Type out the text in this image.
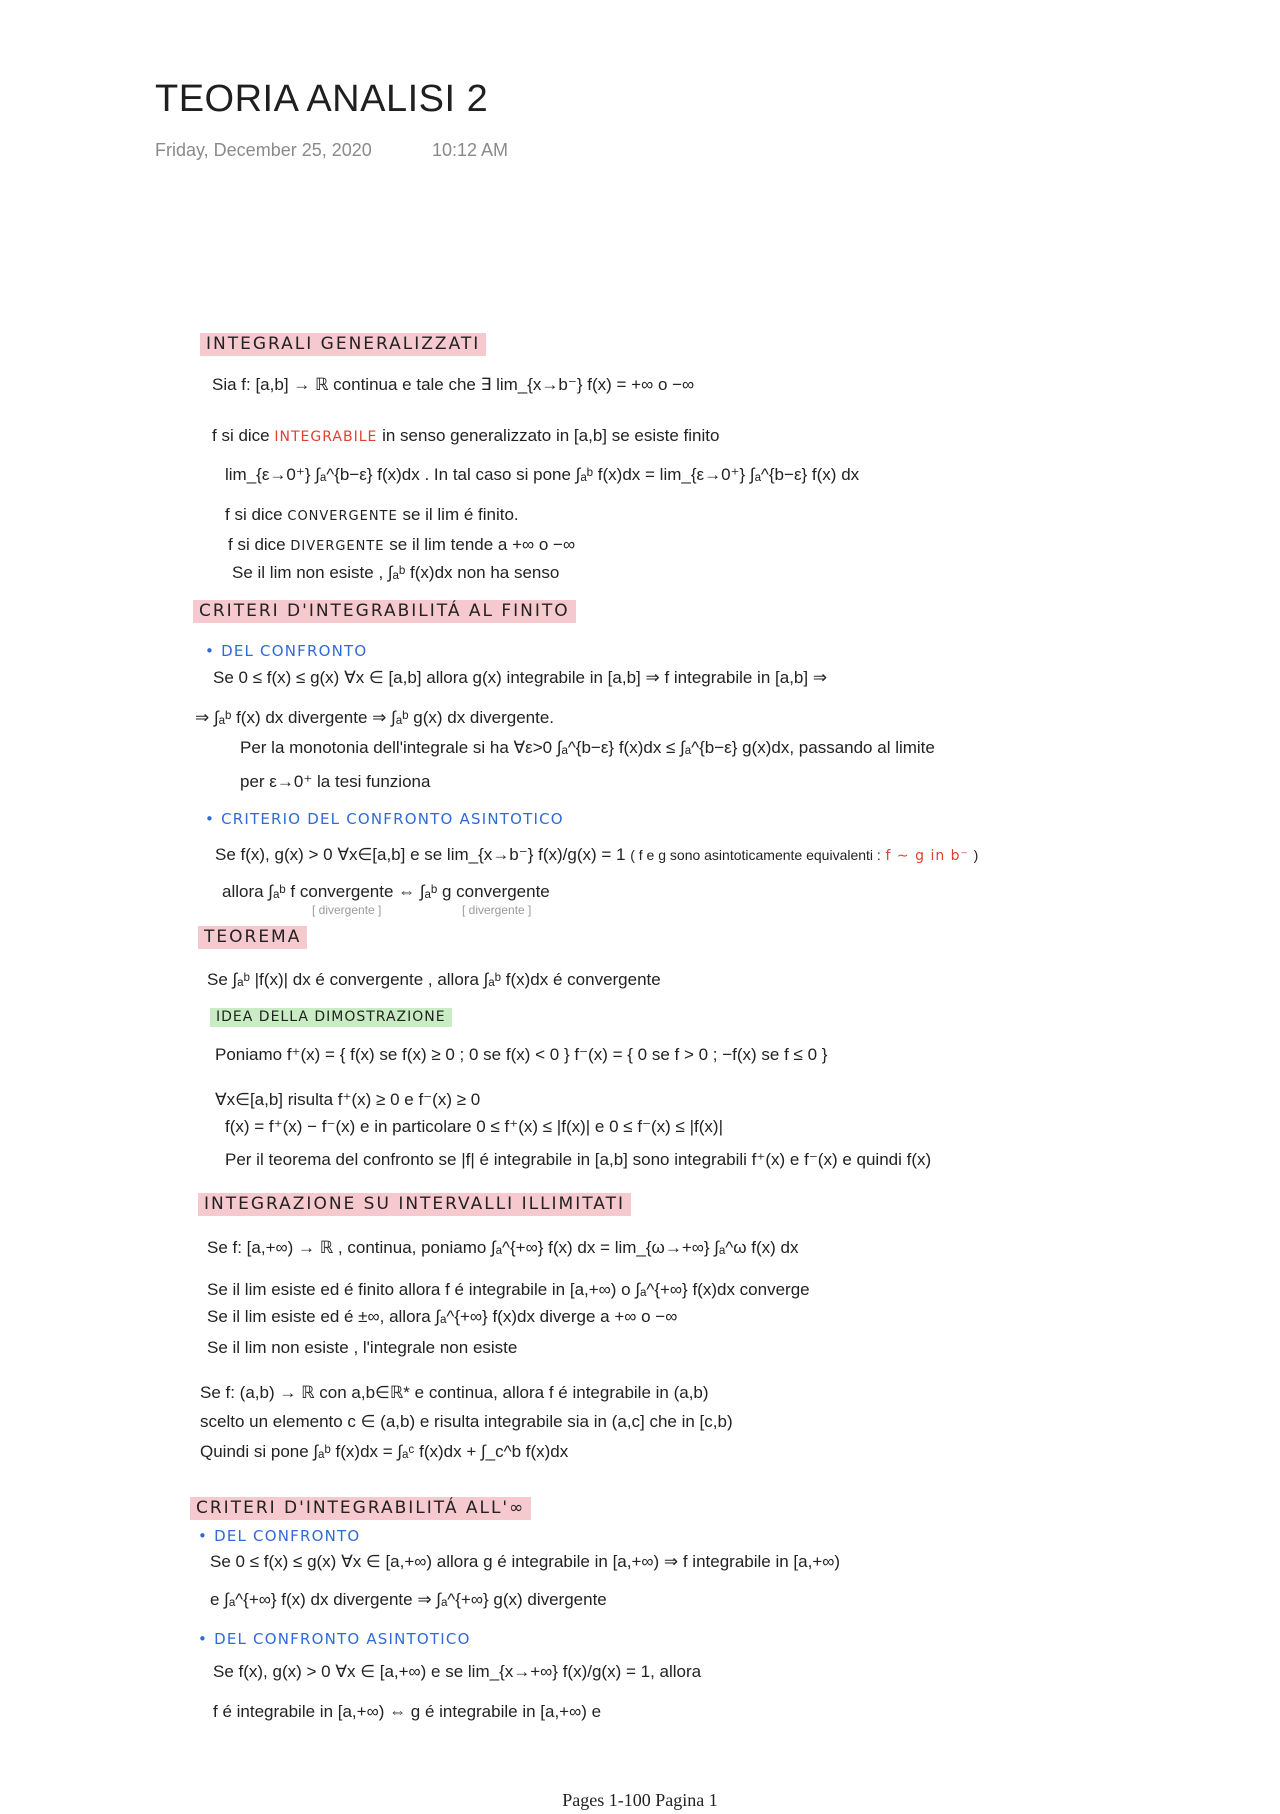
TEORIA ANALISI 2
Friday, December 25, 2020	10:12 AM
INTEGRALI GENERALIZZATI

Sia f: [a,b] → ℝ continua e tale che ∃ lim_{x→b⁻} f(x) = +∞ o −∞

f si dice INTEGRABILE in senso generalizzato in [a,b] se esiste finito

lim_{ε→0⁺} ∫ₐ^{b−ε} f(x)dx . In tal caso si pone ∫ₐᵇ f(x)dx = lim_{ε→0⁺} ∫ₐ^{b−ε} f(x) dx

f si dice CONVERGENTE se il lim é finito.

f si dice DIVERGENTE se il lim tende a +∞ o −∞

Se il lim non esiste , ∫ₐᵇ f(x)dx non ha senso

CRITERI D'INTEGRABILITÁ AL FINITO

• DEL CONFRONTO

Se 0 ≤ f(x) ≤ g(x) ∀x ∈ [a,b] allora g(x) integrabile in [a,b] ⇒ f integrabile in [a,b] ⇒

⇒ ∫ₐᵇ f(x) dx divergente ⇒ ∫ₐᵇ g(x) dx divergente.

Per la monotonia dell'integrale si ha ∀ε>0 ∫ₐ^{b−ε} f(x)dx ≤ ∫ₐ^{b−ε} g(x)dx, passando al limite

per ε→0⁺ la tesi funziona

• CRITERIO DEL CONFRONTO ASINTOTICO

Se f(x), g(x) > 0 ∀x∈[a,b] e se lim_{x→b⁻} f(x)/g(x) = 1 ( f e g sono asintoticamente equivalenti : f ∼ g in b⁻ )

allora ∫ₐᵇ f convergente ⇔ ∫ₐᵇ g convergente

[ divergente ]	[ divergente ]

TEOREMA

Se ∫ₐᵇ |f(x)| dx é convergente , allora ∫ₐᵇ f(x)dx é convergente

IDEA DELLA DIMOSTRAZIONE

Poniamo f⁺(x) = { f(x) se f(x) ≥ 0 ; 0 se f(x) < 0 } f⁻(x) = { 0 se f > 0 ; −f(x) se f ≤ 0 }

∀x∈[a,b] risulta f⁺(x) ≥ 0 e f⁻(x) ≥ 0

f(x) = f⁺(x) − f⁻(x) e in particolare 0 ≤ f⁺(x) ≤ |f(x)| e 0 ≤ f⁻(x) ≤ |f(x)|

Per il teorema del confronto se |f| é integrabile in [a,b] sono integrabili f⁺(x) e f⁻(x) e quindi f(x)

INTEGRAZIONE SU INTERVALLI ILLIMITATI

Se f: [a,+∞) → ℝ , continua, poniamo ∫ₐ^{+∞} f(x) dx = lim_{ω→+∞} ∫ₐ^ω f(x) dx

Se il lim esiste ed é finito allora f é integrabile in [a,+∞) o ∫ₐ^{+∞} f(x)dx converge

Se il lim esiste ed é ±∞, allora ∫ₐ^{+∞} f(x)dx diverge a +∞ o −∞

Se il lim non esiste , l'integrale non esiste

Se f: (a,b) → ℝ con a,b∈ℝ* e continua, allora f é integrabile in (a,b)

scelto un elemento c ∈ (a,b) e risulta integrabile sia in (a,c] che in [c,b)

Quindi si pone ∫ₐᵇ f(x)dx = ∫ₐᶜ f(x)dx + ∫_c^b f(x)dx

CRITERI D'INTEGRABILITÁ ALL'∞

• DEL CONFRONTO

Se 0 ≤ f(x) ≤ g(x) ∀x ∈ [a,+∞) allora g é integrabile in [a,+∞) ⇒ f integrabile in [a,+∞)

e ∫ₐ^{+∞} f(x) dx divergente ⇒ ∫ₐ^{+∞} g(x) divergente

• DEL CONFRONTO ASINTOTICO

Se f(x), g(x) > 0 ∀x ∈ [a,+∞) e se lim_{x→+∞} f(x)/g(x) = 1, allora

f é integrabile in [a,+∞) ⇔ g é integrabile in [a,+∞) e

Pages 1-100 Pagina 1
